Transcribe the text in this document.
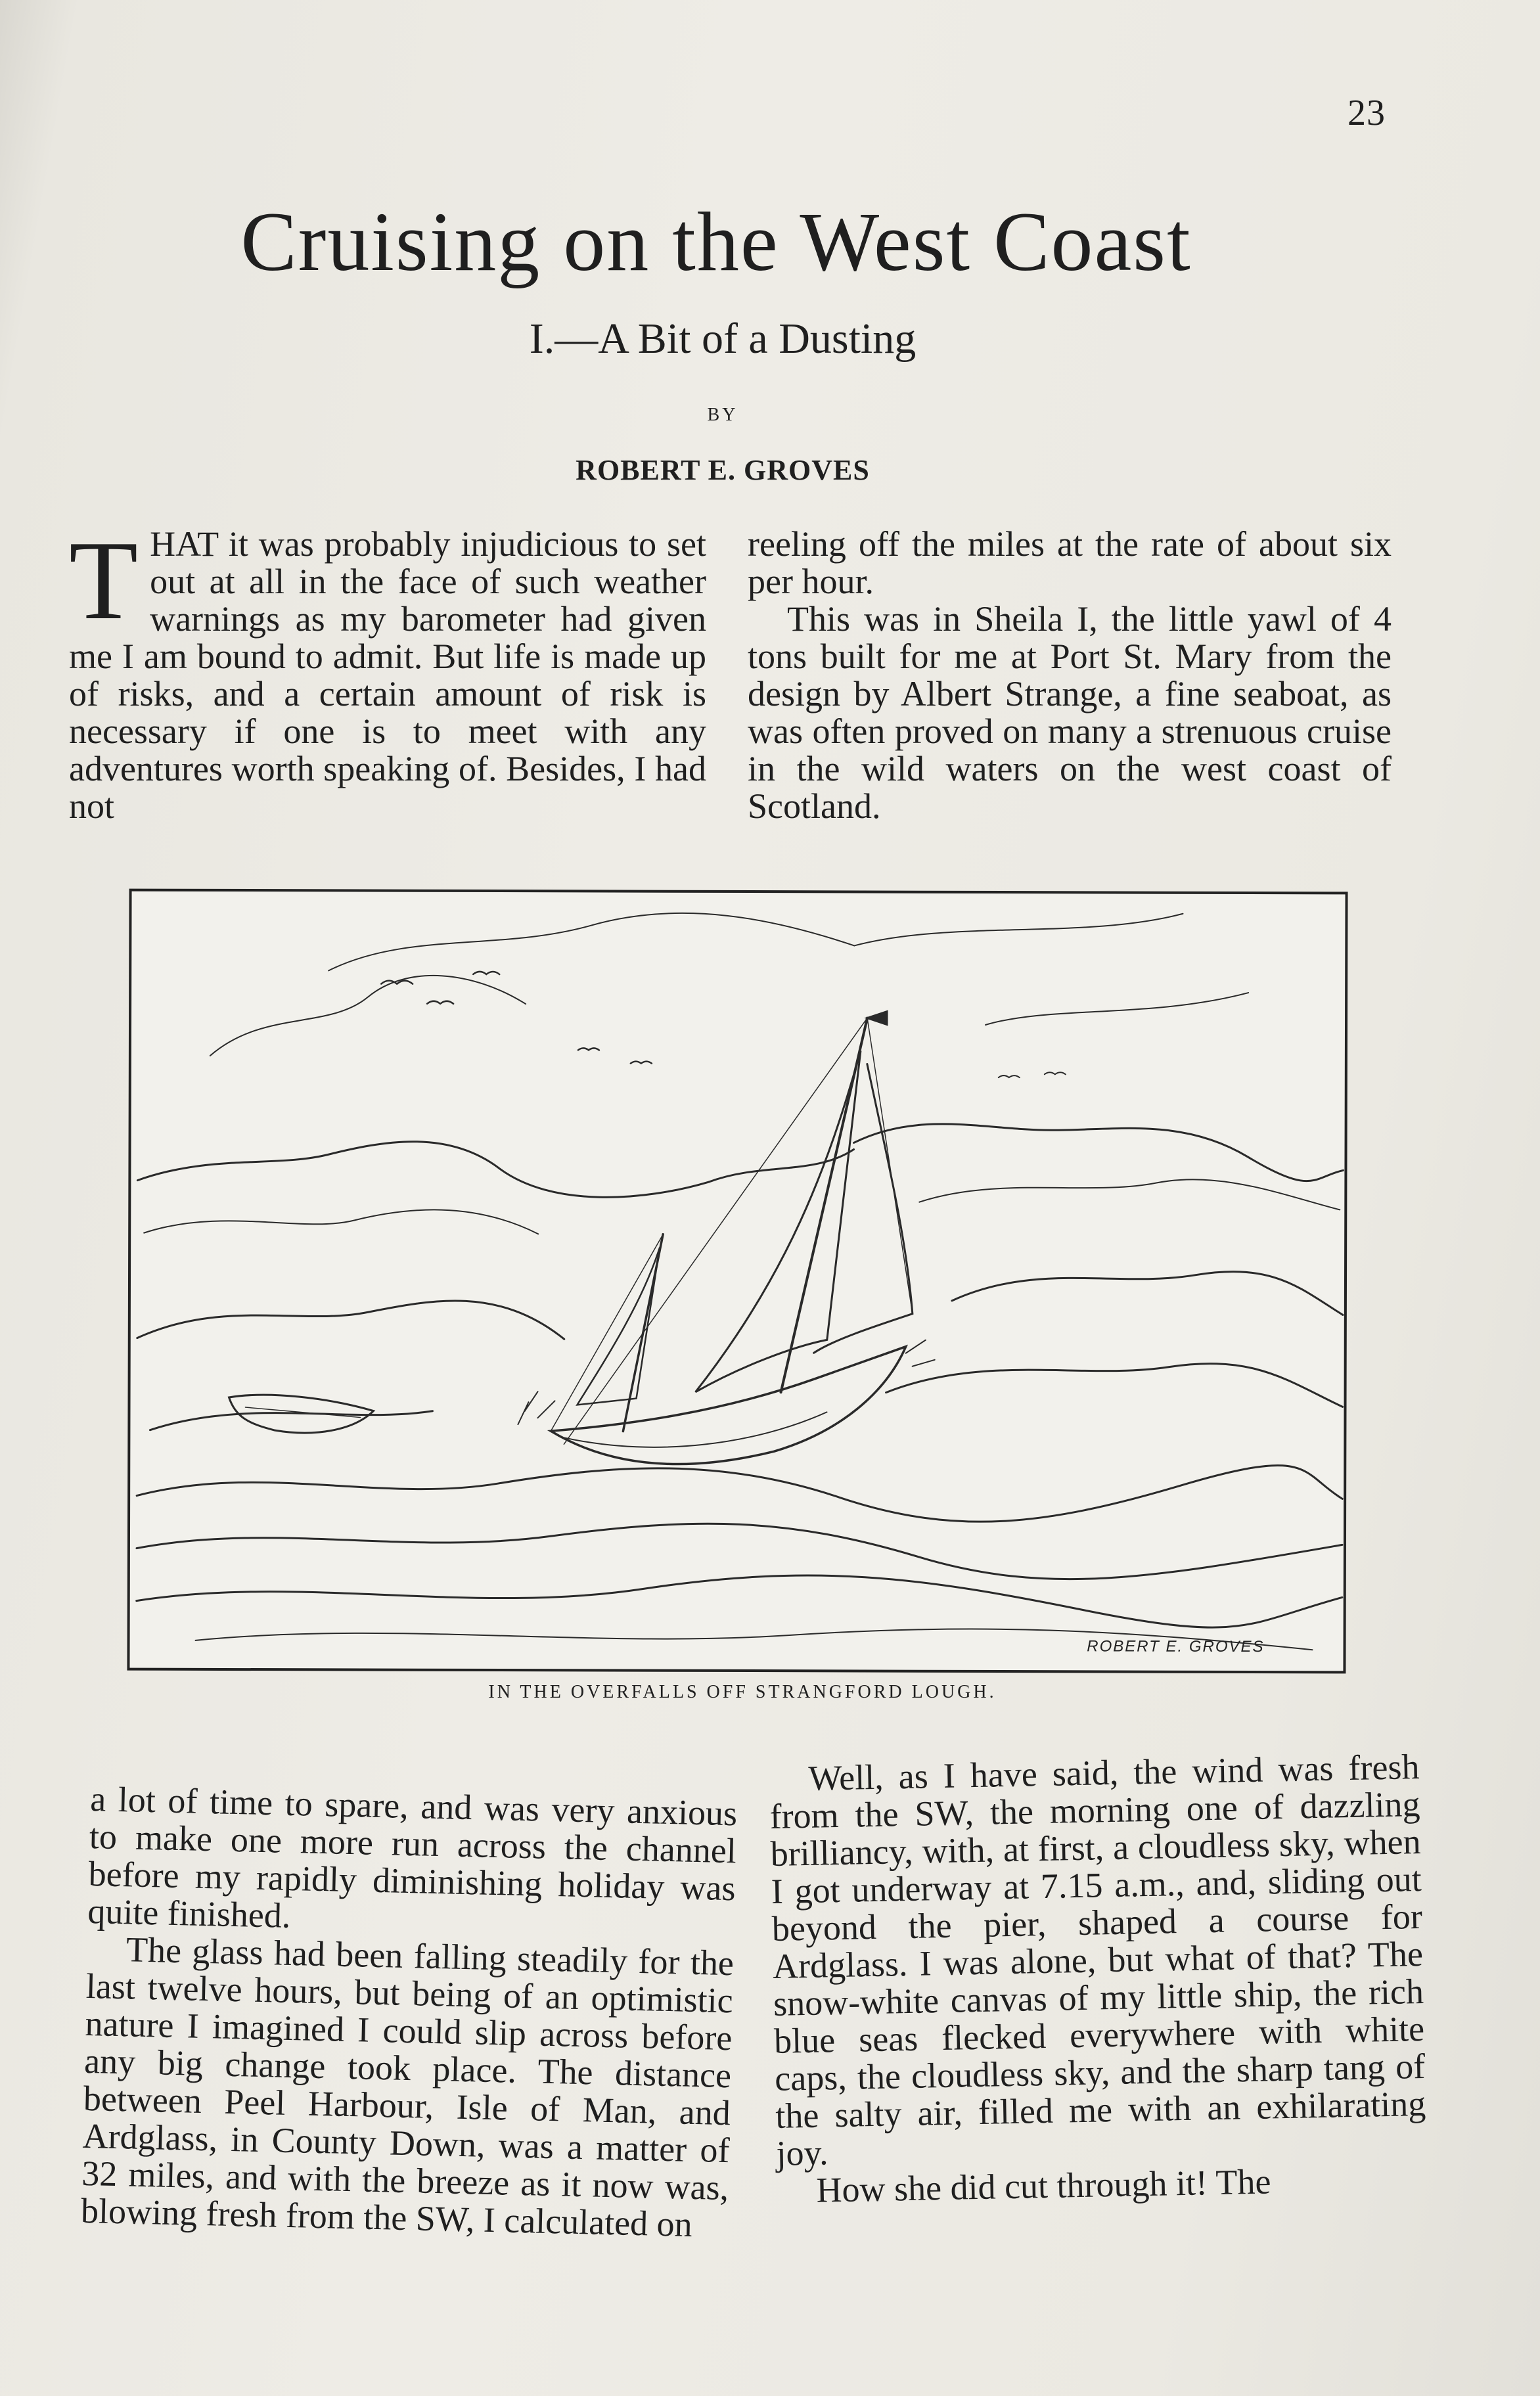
23
Cruising on the West Coast
I.—A Bit of a Dusting
BY
ROBERT E. GROVES

THAT it was probably injudicious to set out at all in the face of such weather warnings as my barometer had given me I am bound to admit. But life is made up of risks, and a certain amount of risk is necessary if one is to meet with any adventures worth speaking of. Besides, I had not

reeling off the miles at the rate of about six per hour.

This was in Sheila I, the little yawl of 4 tons built for me at Port St. Mary from the design by Albert Strange, a fine seaboat, as was often proved on many a strenuous cruise in the wild waters on the west coast of Scotland.

ROBERT E. GROVES
IN THE OVERFALLS OFF STRANGFORD LOUGH.

a lot of time to spare, and was very anxious to make one more run across the channel before my rapidly diminishing holiday was quite finished.

The glass had been falling steadily for the last twelve hours, but being of an optimistic nature I imagined I could slip across before any big change took place. The distance between Peel Harbour, Isle of Man, and Ardglass, in County Down, was a matter of 32 miles, and with the breeze as it now was, blowing fresh from the SW, I calculated on

Well, as I have said, the wind was fresh from the SW, the morning one of dazzling brilliancy, with, at first, a cloudless sky, when I got underway at 7.15 a.m., and, sliding out beyond the pier, shaped a course for Ardglass. I was alone, but what of that? The snow-white canvas of my little ship, the rich blue seas flecked everywhere with white caps, the cloudless sky, and the sharp tang of the salty air, filled me with an exhilarating joy.

How she did cut through it! The
